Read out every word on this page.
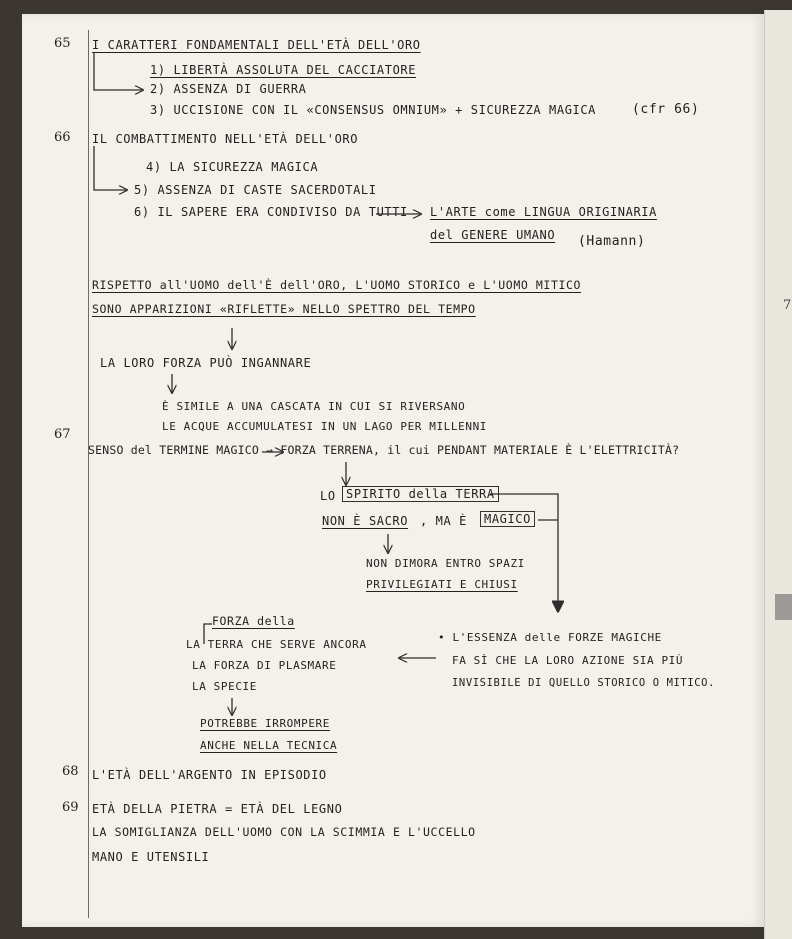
7
65
66
67
68
69
I CARATTERI FONDAMENTALI DELL'ETÀ DELL'ORO
1) LIBERTÀ ASSOLUTA DEL CACCIATORE
2) ASSENZA DI GUERRA
3) UCCISIONE CON IL «CONSENSUS OMNIUM» + SICUREZZA MAGICA	(cfr 66)
IL COMBATTIMENTO NELL'ETÀ DELL'ORO
4) LA SICUREZZA MAGICA
5) ASSENZA DI CASTE SACERDOTALI
6) IL SAPERE ERA CONDIVISO DA TUTTI L'ARTE come LINGUA ORIGINARIA
del GENERE UMANO (Hamann)
RISPETTO all'UOMO dell'È dell'ORO, L'UOMO STORICO e L'UOMO MITICO
SONO APPARIZIONI «RIFLETTE» NELLO SPETTRO DEL TEMPO
LA LORO FORZA PUÒ INGANNARE
È SIMILE A UNA CASCATA IN CUI SI RIVERSANO
LE ACQUE ACCUMULATESI IN UN LAGO PER MILLENNI
SENSO del TERMINE MAGICO → FORZA TERRENA, il cui PENDANT MATERIALE È L'ELETTRICITÀ?
LO SPIRITO della TERRA
NON È SACRO , MA È	MAGICO
NON DIMORA ENTRO SPAZI
PRIVILEGIATI E CHIUSI
FORZA della
LA TERRA CHE SERVE ANCORA
LA FORZA DI PLASMARE
LA SPECIE
POTREBBE IRROMPERE
ANCHE NELLA TECNICA
• L'ESSENZA delle FORZE MAGICHE
FA SÌ CHE LA LORO AZIONE SIA PIÙ
INVISIBILE DI QUELLO STORICO O MITICO.
L'ETÀ DELL'ARGENTO IN EPISODIO
ETÀ DELLA PIETRA = ETÀ DEL LEGNO
LA SOMIGLIANZA DELL'UOMO CON LA SCIMMIA E L'UCCELLO
MANO E UTENSILI
